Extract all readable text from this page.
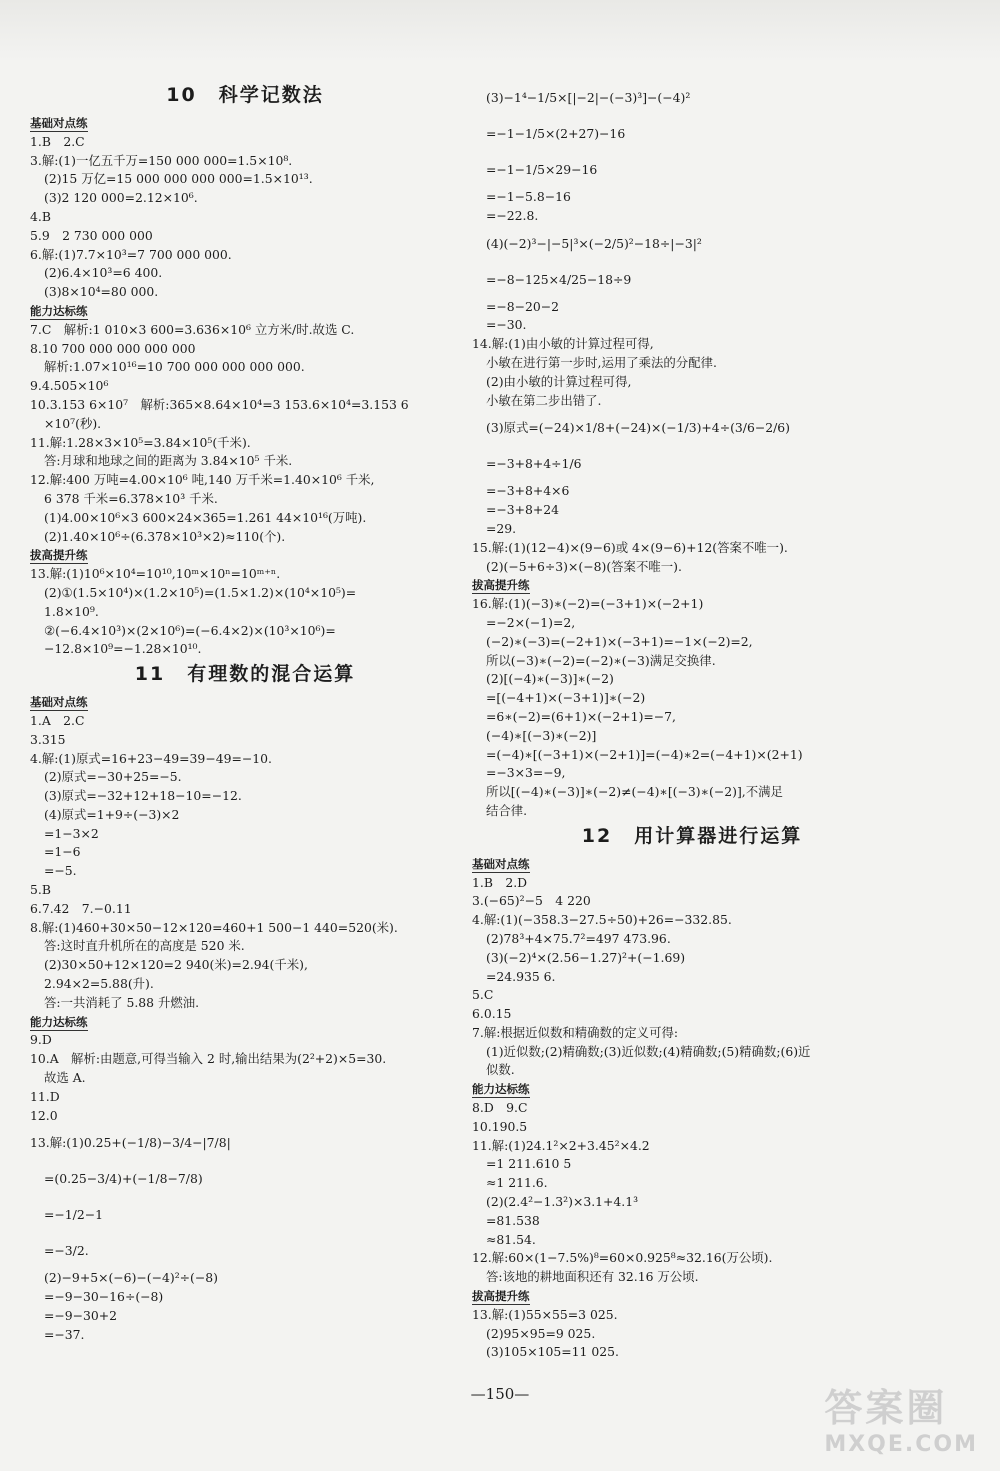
10 科学记数法
基础对点练
1.B　2.C
3.解:(1)一亿五千万=150 000 000=1.5×10⁸.
(2)15 万亿=15 000 000 000 000=1.5×10¹³.
(3)2 120 000=2.12×10⁶.
4.B
5.9　2 730 000 000
6.解:(1)7.7×10³=7 700 000 000.
(2)6.4×10³=6 400.
(3)8×10⁴=80 000.
能力达标练
7.C　解析:1 010×3 600=3.636×10⁶ 立方米/时.故选 C.
8.10 700 000 000 000 000
解析:1.07×10¹⁶=10 700 000 000 000 000.
9.4.505×10⁶
10.3.153 6×10⁷　解析:365×8.64×10⁴=3 153.6×10⁴=3.153 6
×10⁷(秒).
11.解:1.28×3×10⁵=3.84×10⁵(千米).
答:月球和地球之间的距离为 3.84×10⁵ 千米.
12.解:400 万吨=4.00×10⁶ 吨,140 万千米=1.40×10⁶ 千米,
6 378 千米=6.378×10³ 千米.
(1)4.00×10⁶×3 600×24×365=1.261 44×10¹⁶(万吨).
(2)1.40×10⁶÷(6.378×10³×2)≈110(个).
拔高提升练
13.解:(1)10⁶×10⁴=10¹⁰,10ᵐ×10ⁿ=10ᵐ⁺ⁿ.
(2)①(1.5×10⁴)×(1.2×10⁵)=(1.5×1.2)×(10⁴×10⁵)=
1.8×10⁹.
②(−6.4×10³)×(2×10⁶)=(−6.4×2)×(10³×10⁶)=
−12.8×10⁹=−1.28×10¹⁰.
11 有理数的混合运算
基础对点练
1.A　2.C
3.315
4.解:(1)原式=16+23−49=39−49=−10.
(2)原式=−30+25=−5.
(3)原式=−32+12+18−10=−12.
(4)原式=1+9÷(−3)×2
=1−3×2
=1−6
=−5.
5.B
6.7.42　7.−0.11
8.解:(1)460+30×50−12×120=460+1 500−1 440=520(米).
答:这时直升机所在的高度是 520 米.
(2)30×50+12×120=2 940(米)=2.94(千米),
2.94×2=5.88(升).
答:一共消耗了 5.88 升燃油.
能力达标练
9.D
10.A　解析:由题意,可得当输入 2 时,输出结果为(2²+2)×5=30.
故选 A.
11.D
12.0
13.解:(1)0.25+(−1/8)−3/4−|7/8|
=(0.25−3/4)+(−1/8−7/8)
=−1/2−1
=−3/2.
(2)−9+5×(−6)−(−4)²÷(−8)
=−9−30−16÷(−8)
=−9−30+2
=−37.
(3)−1⁴−1/5×[|−2|−(−3)³]−(−4)²
=−1−1/5×(2+27)−16
=−1−1/5×29−16
=−1−5.8−16
=−22.8.
(4)(−2)³−|−5|³×(−2/5)²−18÷|−3|²
=−8−125×4/25−18÷9
=−8−20−2
=−30.
14.解:(1)由小敏的计算过程可得,
小敏在进行第一步时,运用了乘法的分配律.
(2)由小敏的计算过程可得,
小敏在第二步出错了.
(3)原式=(−24)×1/8+(−24)×(−1/3)+4÷(3/6−2/6)
=−3+8+4÷1/6
=−3+8+4×6
=−3+8+24
=29.
15.解:(1)(12−4)×(9−6)或 4×(9−6)+12(答案不唯一).
(2)(−5+6÷3)×(−8)(答案不唯一).
拔高提升练
16.解:(1)(−3)∗(−2)=(−3+1)×(−2+1)
=−2×(−1)=2,
(−2)∗(−3)=(−2+1)×(−3+1)=−1×(−2)=2,
所以(−3)∗(−2)=(−2)∗(−3)满足交换律.
(2)[(−4)∗(−3)]∗(−2)
=[(−4+1)×(−3+1)]∗(−2)
=6∗(−2)=(6+1)×(−2+1)=−7,
(−4)∗[(−3)∗(−2)]
=(−4)∗[(−3+1)×(−2+1)]=(−4)∗2=(−4+1)×(2+1)
=−3×3=−9,
所以[(−4)∗(−3)]∗(−2)≠(−4)∗[(−3)∗(−2)],不满足
结合律.
12 用计算器进行运算
基础对点练
1.B　2.D
3.(−65)²−5　4 220
4.解:(1)(−358.3−27.5÷50)+26=−332.85.
(2)78³+4×75.7²=497 473.96.
(3)(−2)⁴×(2.56−1.27)²+(−1.69)
=24.935 6.
5.C
6.0.15
7.解:根据近似数和精确数的定义可得:
(1)近似数;(2)精确数;(3)近似数;(4)精确数;(5)精确数;(6)近
似数.
能力达标练
8.D　9.C
10.190.5
11.解:(1)24.1²×2+3.45²×4.2
=1 211.610 5
≈1 211.6.
(2)(2.4²−1.3²)×3.1+4.1³
=81.538
≈81.54.
12.解:60×(1−7.5%)⁸=60×0.925⁸≈32.16(万公顷).
答:该地的耕地面积还有 32.16 万公顷.
拔高提升练
13.解:(1)55×55=3 025.
(2)95×95=9 025.
(3)105×105=11 025.
—150—	答案圈
MXQE.COM
